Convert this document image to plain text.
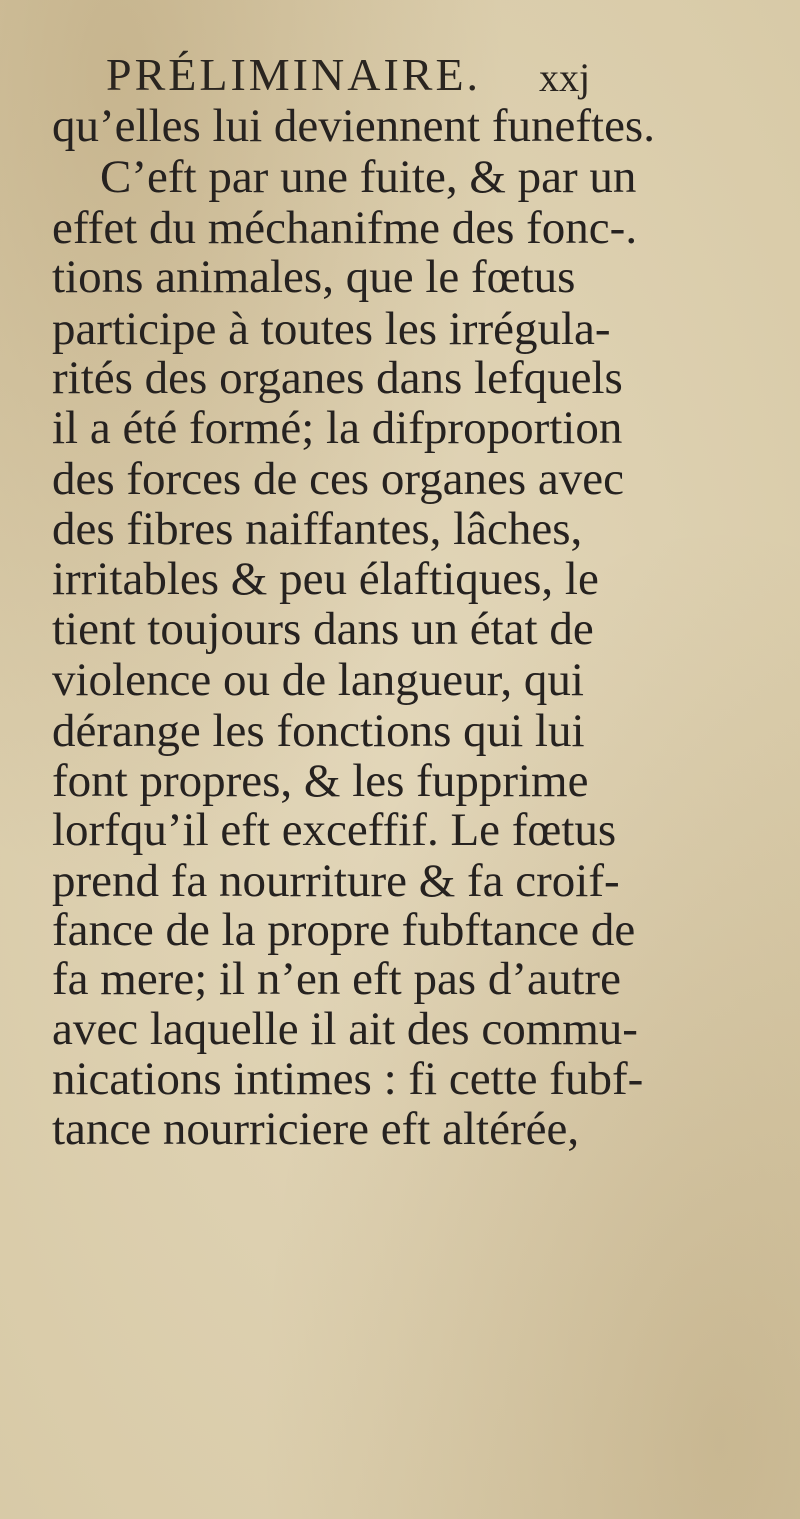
PRÉLIMINAIRE. xxj
qu’elles lui deviennent funeftes.
C’eft par une fuite, & par un
effet du méchanifme des fonc-.
tions animales, que le fœtus
participe à toutes les irrégula-
rités des organes dans lefquels
il a été formé; la difproportion
des forces de ces organes avec
des fibres naiffantes, lâches,
irritables & peu élaftiques, le
tient toujours dans un état de
violence ou de langueur, qui
dérange les fonctions qui lui
font propres, & les fupprime
lorfqu’il eft exceffif. Le fœtus
prend fa nourriture & fa croif-
fance de la propre fubftance de
fa mere; il n’en eft pas d’autre
avec laquelle il ait des commu-
nications intimes : fi cette fubf-
tance nourriciere eft altérée,
